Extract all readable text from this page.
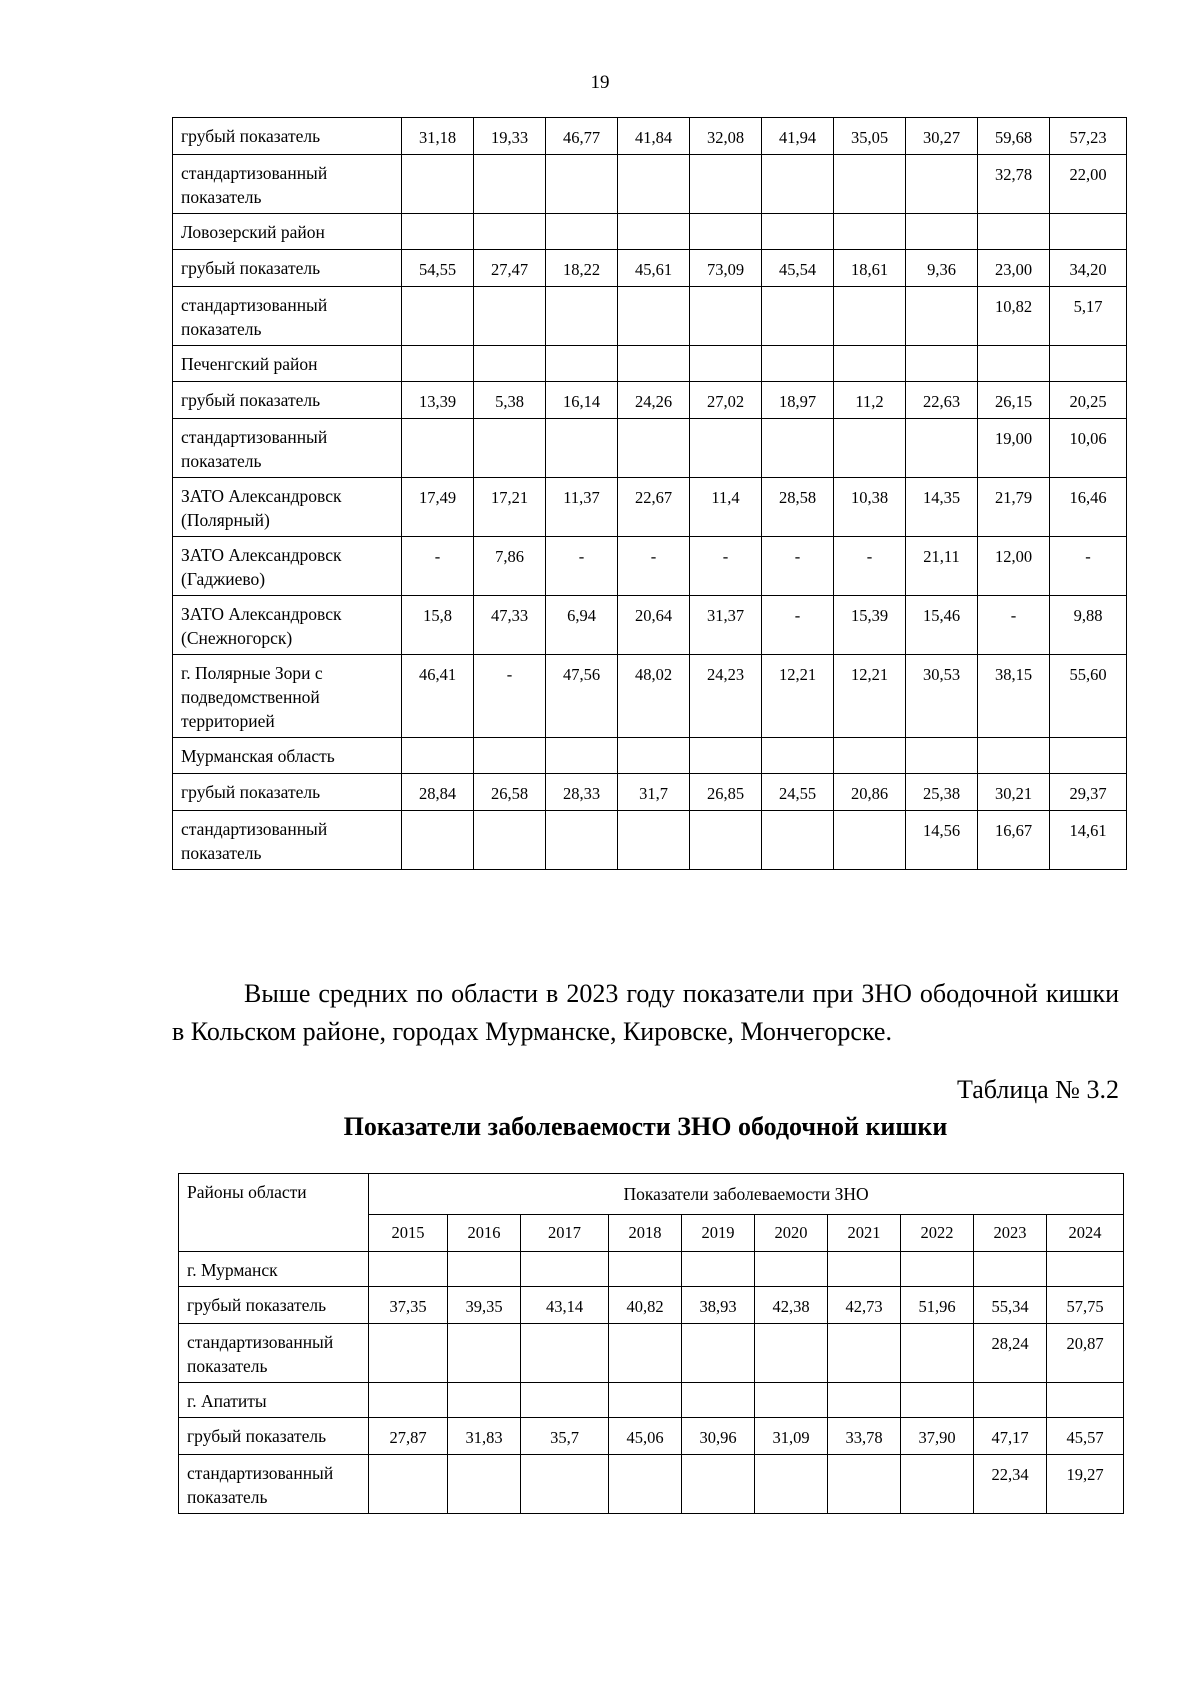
19
грубый показатель	31,18	19,33	46,77	41,84	32,08	41,94	35,05	30,27	59,68	57,23
стандартизованный показатель									32,78	22,00
Ловозерский район										
грубый показатель	54,55	27,47	18,22	45,61	73,09	45,54	18,61	9,36	23,00	34,20
стандартизованный показатель									10,82	5,17
Печенгский район										
грубый показатель	13,39	5,38	16,14	24,26	27,02	18,97	11,2	22,63	26,15	20,25
стандартизованный показатель									19,00	10,06
ЗАТО Александровск (Полярный)	17,49	17,21	11,37	22,67	11,4	28,58	10,38	14,35	21,79	16,46
ЗАТО Александровск (Гаджиево)	-	7,86	-	-	-	-	-	21,11	12,00	-
ЗАТО Александровск (Снежногорск)	15,8	47,33	6,94	20,64	31,37	-	15,39	15,46	-	9,88
г. Полярные Зори с подведомственной территорией	46,41	-	47,56	48,02	24,23	12,21	12,21	30,53	38,15	55,60
Мурманская область										
грубый показатель	28,84	26,58	28,33	31,7	26,85	24,55	20,86	25,38	30,21	29,37
стандартизованный показатель								14,56	16,67	14,61
Выше средних по области в 2023 году показатели при ЗНО ободочной кишки в Кольском районе, городах Мурманске, Кировске, Мончегорске.
Таблица № 3.2
Показатели заболеваемости ЗНО ободочной кишки
Районы области	Показатели заболеваемости ЗНО									
	2015	2016	2017	2018	2019	2020	2021	2022	2023	2024
г. Мурманск										
грубый показатель	37,35	39,35	43,14	40,82	38,93	42,38	42,73	51,96	55,34	57,75
стандартизованный показатель									28,24	20,87
г. Апатиты										
грубый показатель	27,87	31,83	35,7	45,06	30,96	31,09	33,78	37,90	47,17	45,57
стандартизованный показатель									22,34	19,27
